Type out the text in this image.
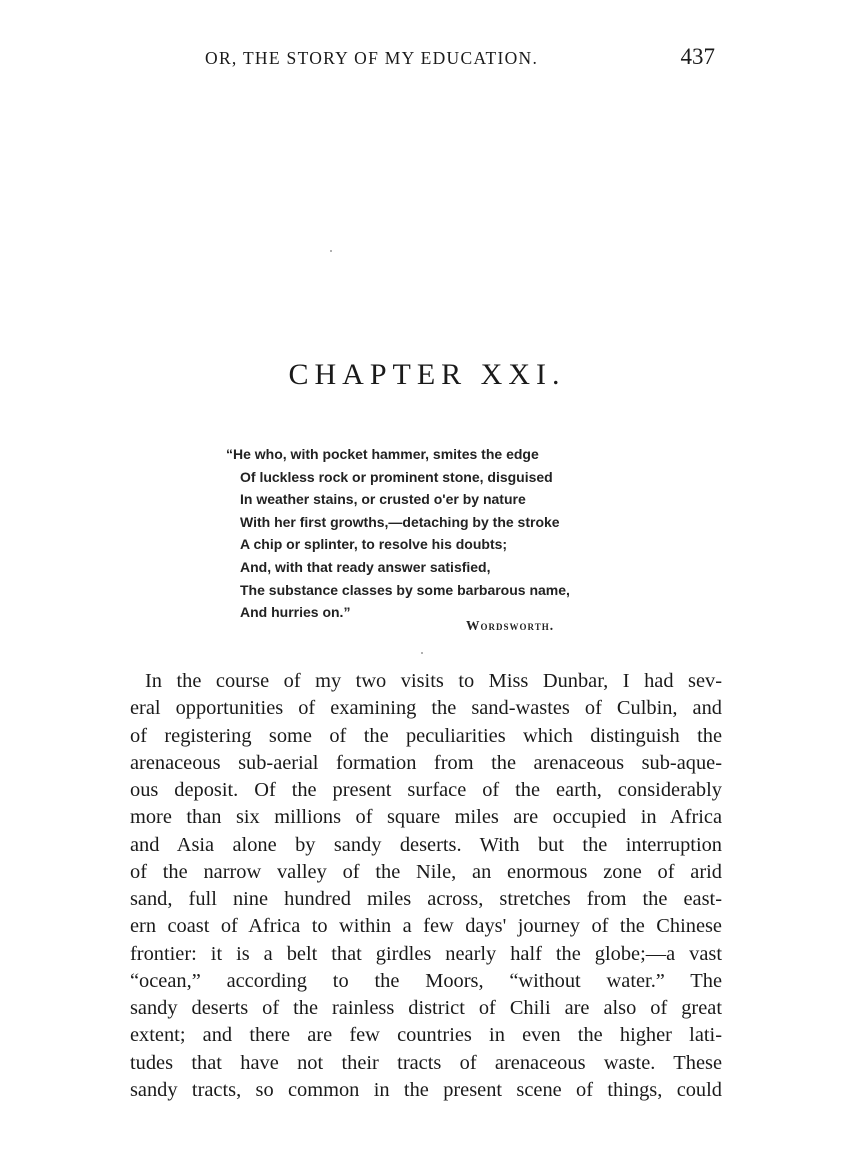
OR, THE STORY OF MY EDUCATION.	437
CHAPTER XXI.
“He who, with pocket hammer, smites the edge
Of luckless rock or prominent stone, disguised
In weather stains, or crusted o'er by nature
With her first growths,—detaching by the stroke
A chip or splinter, to resolve his doubts;
And, with that ready answer satisfied,
The substance classes by some barbarous name,
And hurries on.”
Wordsworth.
In the course of my two visits to Miss Dunbar, I had sev-
eral opportunities of examining the sand-wastes of Culbin, and
of registering some of the peculiarities which distinguish the
arenaceous sub-aerial formation from the arenaceous sub-aque-
ous deposit. Of the present surface of the earth, considerably
more than six millions of square miles are occupied in Africa
and Asia alone by sandy deserts. With but the interruption
of the narrow valley of the Nile, an enormous zone of arid
sand, full nine hundred miles across, stretches from the east-
ern coast of Africa to within a few days' journey of the Chinese
frontier: it is a belt that girdles nearly half the globe;—a vast
“ocean,” according to the Moors, “without water.” The
sandy deserts of the rainless district of Chili are also of great
extent; and there are few countries in even the higher lati-
tudes that have not their tracts of arenaceous waste. These
sandy tracts, so common in the present scene of things, could
